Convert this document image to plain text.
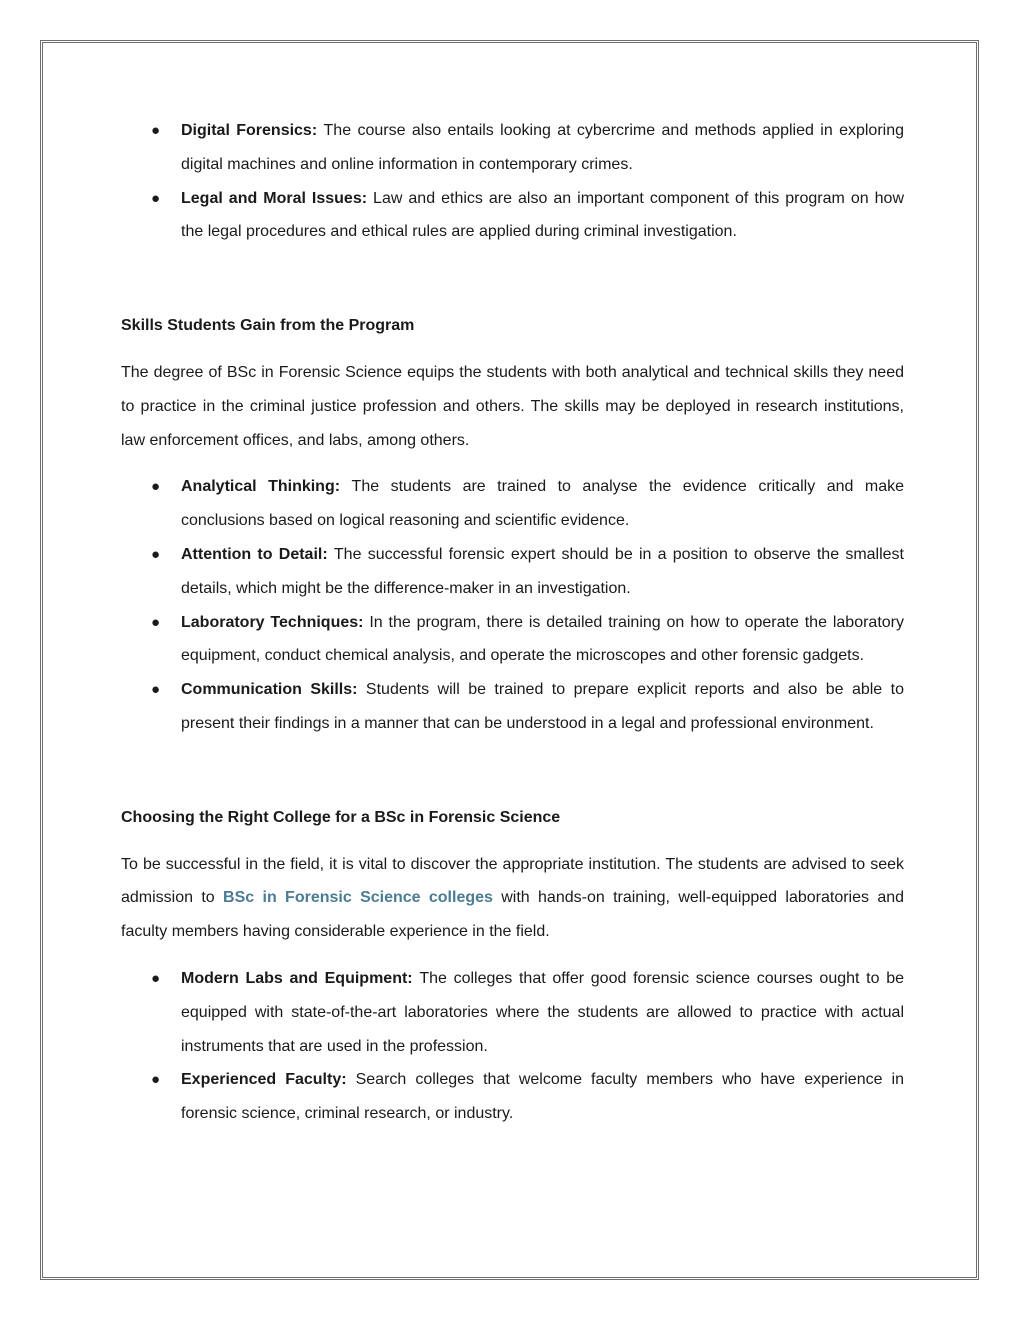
● Digital Forensics: The course also entails looking at cybercrime and methods applied in exploring digital machines and online information in contemporary crimes.
● Legal and Moral Issues: Law and ethics are also an important component of this program on how the legal procedures and ethical rules are applied during criminal investigation.
Skills Students Gain from the Program

The degree of BSc in Forensic Science equips the students with both analytical and technical skills they need to practice in the criminal justice profession and others. The skills may be deployed in research institutions, law enforcement offices, and labs, among others.

● Analytical Thinking: The students are trained to analyse the evidence critically and make conclusions based on logical reasoning and scientific evidence.
● Attention to Detail: The successful forensic expert should be in a position to observe the smallest details, which might be the difference-maker in an investigation.
● Laboratory Techniques: In the program, there is detailed training on how to operate the laboratory equipment, conduct chemical analysis, and operate the microscopes and other forensic gadgets.
● Communication Skills: Students will be trained to prepare explicit reports and also be able to present their findings in a manner that can be understood in a legal and professional environment.
Choosing the Right College for a BSc in Forensic Science

To be successful in the field, it is vital to discover the appropriate institution. The students are advised to seek admission to BSc in Forensic Science colleges with hands-on training, well-equipped laboratories and faculty members having considerable experience in the field.

● Modern Labs and Equipment: The colleges that offer good forensic science courses ought to be equipped with state-of-the-art laboratories where the students are allowed to practice with actual instruments that are used in the profession.
● Experienced Faculty: Search colleges that welcome faculty members who have experience in forensic science, criminal research, or industry.
